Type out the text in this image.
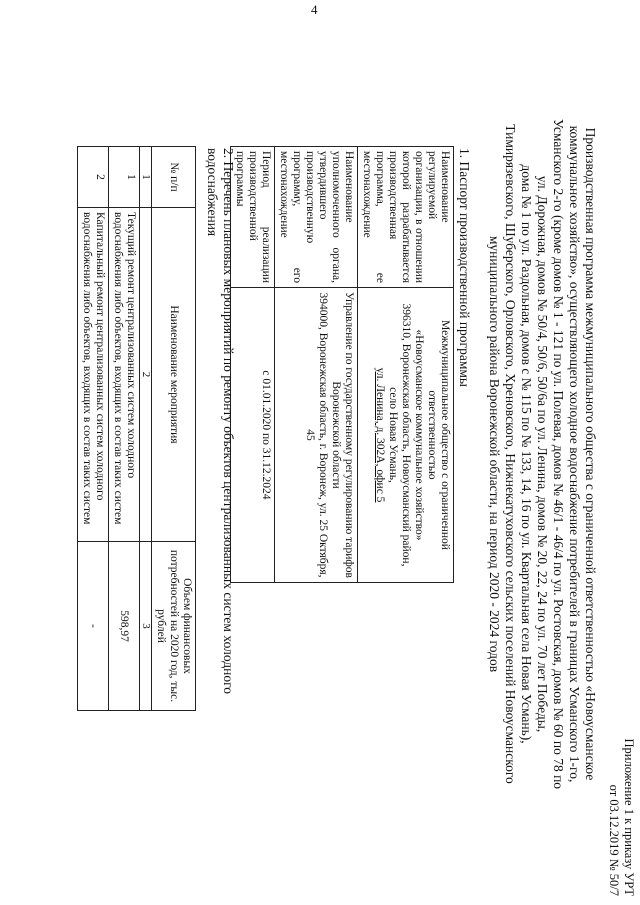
4
Приложение 1 к приказу УРТ
от 03.12.2019 № 50/7
Производственная программа межмуниципального общества с ограниченной ответственностью «Новоусманское
коммунальное хозяйство», осуществляющего холодное водоснабжение потребителей в границах Усманского 1-го,
Усманского 2-го (кроме домов № 1 - 121 по ул. Полевая, домов № 46/1 - 46/4 по ул. Ростовская, домов № 60 по 78 по
ул. Дорожная, домов № 50/4, 50/6, 50/6а по ул. Ленина, домов № 20, 22, 24 по ул. 70 лет Победы,
дома № 1 по ул. Раздольная, домов с № 115 по № 133, 14, 16 по ул. Квартальная села Новая Усмань),
Тимирязевского, Шуберского, Орловского, Хреновского, Нижнекатуховского сельских поселений Новоусманского
муниципального района Воронежской области, на период 2020 - 2024 годов
1. Паспорт производственной программы
Наименование регулируемой организации, в отношении которой разрабатывается производственная программа, ее местонахождение	Межмуниципальное общество с ограниченной ответственностью
«Новоусманское коммунальное хозяйство»
396310, Воронежская область, Новоусманский район, село Новая Усмань,
ул. Ленина, д. 302А, офис 5

Наименование уполномоченного органа, утвердившего производственную программу, его местонахождение	Управление по государственному регулированию тарифов
Воронежской области
394000, Воронежская область, г. Воронеж, ул. 25 Октября, 45

Период реализации производственной программы	с 01.01.2020 по 31.12.2024
2. Перечень плановых мероприятий по ремонту объектов централизованных систем холодного
водоснабжения
№ п/п	Наименование мероприятия	Объем финансовых потребностей на 2020 год, тыс. рублей
1	2	3
1	Текущий ремонт централизованных систем холодного водоснабжения либо объектов, входящих в состав таких систем	598,97
2	Капитальный ремонт централизованных систем холодного водоснабжения либо объектов, входящих в состав таких систем	-
